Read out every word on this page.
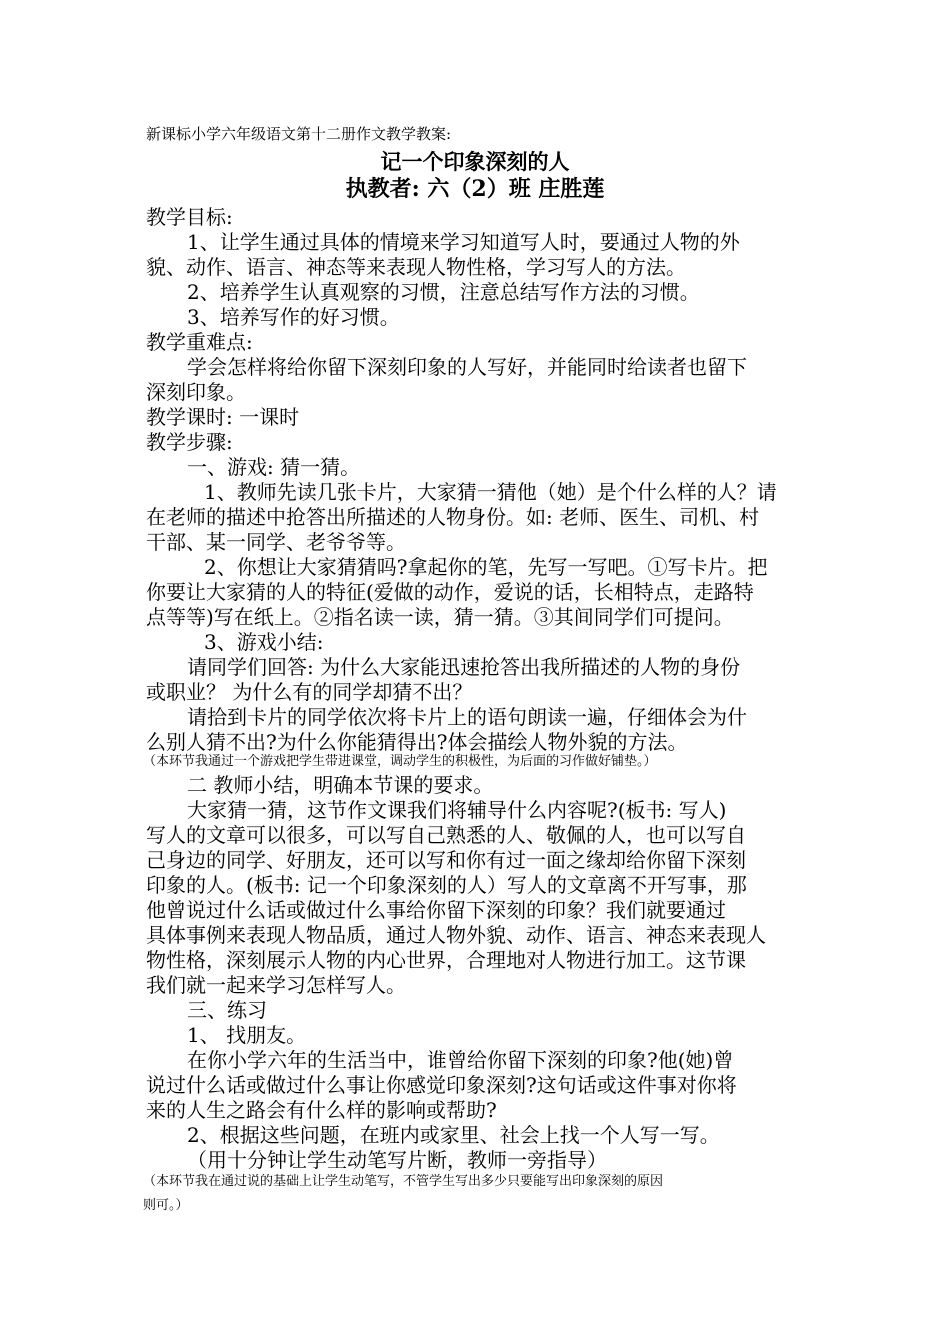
新课标小学六年级语文第十二册作文教学教案:
记一个印象深刻的人
执教者: 六（2）班 庄胜莲
教学目标:
1、让学生通过具体的情境来学习知道写人时，要通过人物的外
貌、动作、语言、神态等来表现人物性格，学习写人的方法。
2、培养学生认真观察的习惯，注意总结写作方法的习惯。
3、培养写作的好习惯。
教学重难点:
学会怎样将给你留下深刻印象的人写好，并能同时给读者也留下
深刻印象。
教学课时: 一课时
教学步骤:
一、游戏: 猜一猜。
1、教师先读几张卡片，大家猜一猜他（她）是个什么样的人？请
在老师的描述中抢答出所描述的人物身份。如: 老师、医生、司机、村
干部、某一同学、老爷爷等。
2、你想让大家猜猜吗?拿起你的笔，先写一写吧。①写卡片。把
你要让大家猜的人的特征(爱做的动作，爱说的话，长相特点，走路特
点等等)写在纸上。②指名读一读，猜一猜。③其间同学们可提问。
3、游戏小结:
请同学们回答: 为什么大家能迅速抢答出我所描述的人物的身份
或职业？ 为什么有的同学却猜不出？
请拾到卡片的同学依次将卡片上的语句朗读一遍，仔细体会为什
么别人猜不出?为什么你能猜得出?体会描绘人物外貌的方法。
（本环节我通过一个游戏把学生带进课堂，调动学生的积极性，为后面的习作做好铺垫。）
二 教师小结，明确本节课的要求。
大家猜一猜，这节作文课我们将辅导什么内容呢?(板书: 写人)
写人的文章可以很多，可以写自己熟悉的人、敬佩的人，也可以写自
己身边的同学、好朋友，还可以写和你有过一面之缘却给你留下深刻
印象的人。(板书: 记一个印象深刻的人）写人的文章离不开写事，那
他曾说过什么话或做过什么事给你留下深刻的印象？我们就要通过
具体事例来表现人物品质，通过人物外貌、动作、语言、神态来表现人
物性格，深刻展示人物的内心世界，合理地对人物进行加工。这节课
我们就一起来学习怎样写人。
三、练习
1、 找朋友。
在你小学六年的生活当中，谁曾给你留下深刻的印象?他(她)曾
说过什么话或做过什么事让你感觉印象深刻?这句话或这件事对你将
来的人生之路会有什么样的影响或帮助?
2、根据这些问题，在班内或家里、社会上找一个人写一写。
（用十分钟让学生动笔写片断，教师一旁指导）
（本环节我在通过说的基础上让学生动笔写，不管学生写出多少只要能写出印象深刻的原因
则可。）
